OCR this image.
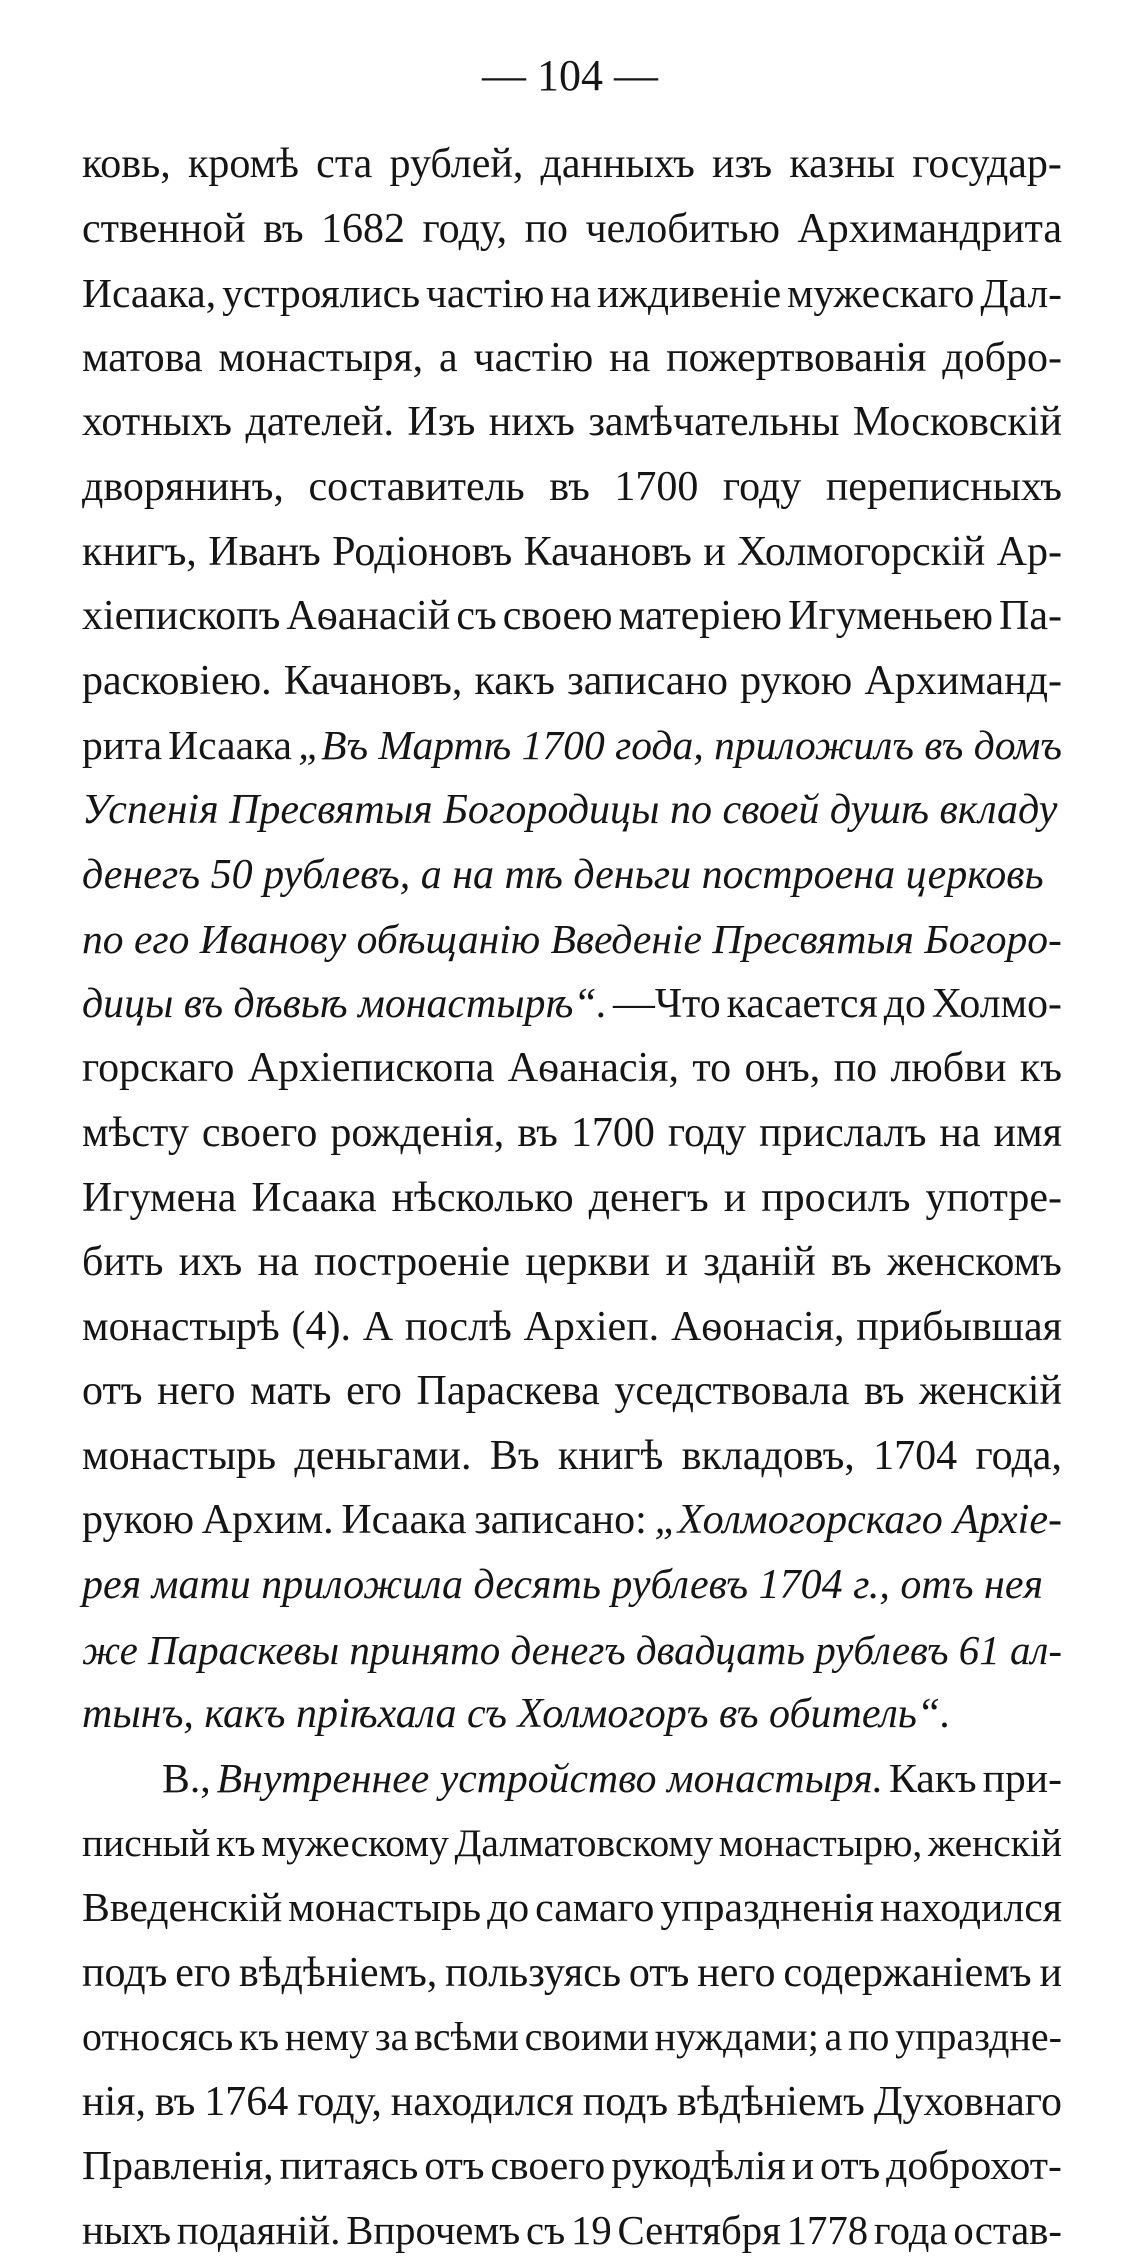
— 104 —
ковь, кромѣ ста рублей, данныхъ изъ казны государ-
ственной въ 1682 году, по челобитью Архимандрита
Исаака, устроялись частію на иждивеніе мужескаго Дал-
матова монастыря, а частію на пожертвованія добро-
хотныхъ дателей. Изъ нихъ замѣчательны Московскій
дворянинъ, составитель въ 1700 году переписныхъ
книгъ, Иванъ Родіоновъ Качановъ и Холмогорскій Ар-
хіепископъ Аѳанасій съ своею матеріею Игуменьею Па-
расковіею. Качановъ, какъ записано рукою Архиманд-
рита Исаака „Въ Мартѣ 1700 года, приложилъ въ домъ
Успенія Пресвятыя Богородицы по своей душѣ вкладу
денегъ 50 рублевъ, а на тѣ деньги построена церковь
по его Иванову обѣщанію Введеніе Пресвятыя Богоро-
дицы въ дѣвьѣ монастырѣ“. —Что касается до Холмо-
горскаго Архіепископа Аѳанасія, то онъ, по любви къ
мѣсту своего рожденія, въ 1700 году прислалъ на имя
Игумена Исаака нѣсколько денегъ и просилъ употре-
бить ихъ на построеніе церкви и зданій въ женскомъ
монастырѣ (4). А послѣ Архіеп. Аѳонасія, прибывшая
отъ него мать его Параскева уседствовала въ женскій
монастырь деньгами. Въ книгѣ вкладовъ, 1704 года,
рукою Архим. Исаака записано: „Холмогорскаго Архіе-
рея мати приложила десять рублевъ 1704 г., отъ нея
же Параскевы принято денегъ двадцать рублевъ 61 ал-
тынъ, какъ пріѣхала съ Холмогоръ въ обитель“.
В., Внутреннее устройство монастыря. Какъ при-
писный къ мужескому Далматовскому монастырю, женскій
Введенскій монастырь до самаго упраздненія находился
подъ его вѣдѣніемъ, пользуясь отъ него содержаніемъ и
относясь къ нему за всѣми своими нуждами; а по упраздне-
нія, въ 1764 году, находился подъ вѣдѣніемъ Духовнаго
Правленія, питаясь отъ своего рукодѣлія и отъ доброхот-
ныхъ подаяній. Впрочемъ съ 19 Сентября 1778 года остав-
